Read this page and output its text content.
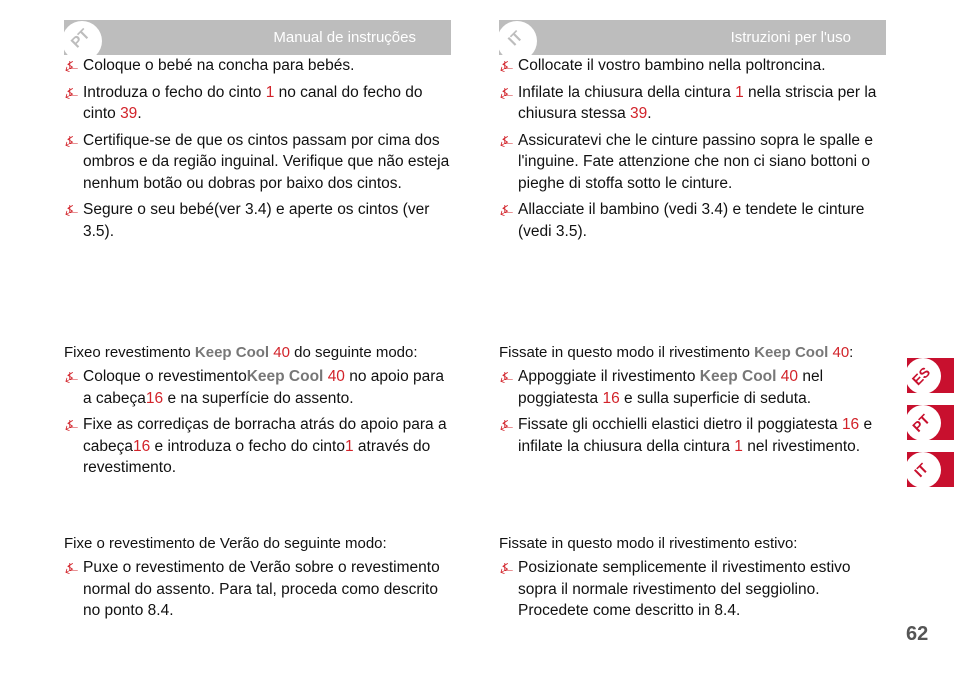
PT	Manual de instruções
⍼ Coloque o bebé na concha para bebés.
⍼ Introduza o fecho do cinto 1 no canal do fecho do cinto 39.
⍼ Certifique-se de que os cintos passam por cima dos ombros e da região inguinal. Verifique que não esteja nenhum botão ou dobras por baixo dos cintos.
⍼ Segure o seu bebé(ver 3.4) e aperte os cintos (ver 3.5).

Fixeo revestimento Keep Cool 40 do seguinte modo:

⍼ Coloque o revestimentoKeep Cool 40 no apoio para a cabeça16 e na superfície do assento.
⍼ Fixe as corrediças de borracha atrás do apoio para a cabeça16 e introduza o fecho do cinto1 através do revestimento.

Fixe o revestimento de Verão do seguinte modo:

⍼ Puxe o revestimento de Verão sobre o revestimento normal do assento. Para tal, proceda como descrito no ponto 8.4.
IT	Istruzioni per l'uso
⍼ Collocate il vostro bambino nella poltroncina.
⍼ Infilate la chiusura della cintura 1 nella striscia per la chiusura stessa 39.
⍼ Assicuratevi che le cinture passino sopra le spalle e l'inguine. Fate attenzione che non ci siano bottoni o pieghe di stoffa sotto le cinture.
⍼ Allacciate il bambino (vedi 3.4) e tendete le cinture (vedi 3.5).

Fissate in questo modo il rivestimento Keep Cool 40:

⍼ Appoggiate il rivestimento Keep Cool 40 nel poggiatesta 16 e sulla superficie di seduta.
⍼ Fissate gli occhielli elastici dietro il poggiatesta 16 e infilate la chiusura della cintura 1 nel rivestimento.

Fissate in questo modo il rivestimento estivo:

⍼ Posizionate semplicemente il rivestimento estivo sopra il normale rivestimento del seggiolino. Procedete come descritto in 8.4.
ES
PT
IT
62
